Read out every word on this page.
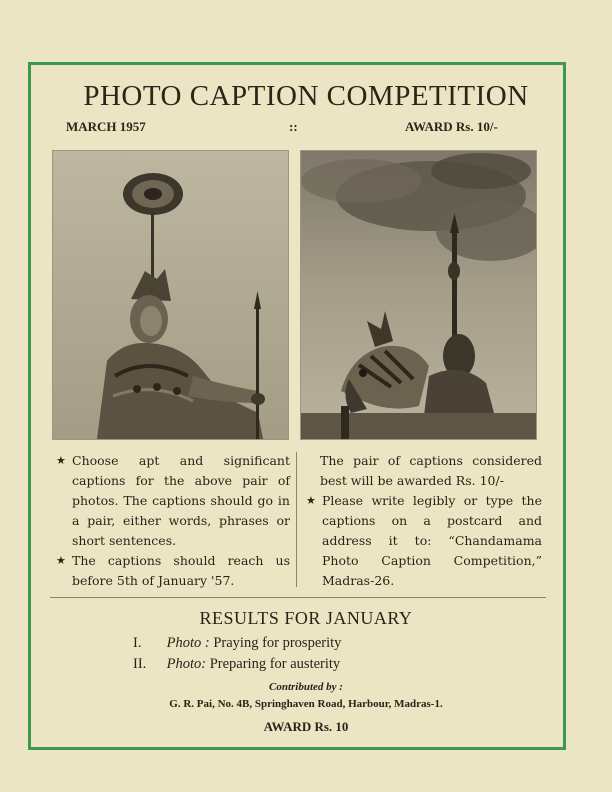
PHOTO CAPTION COMPETITION
MARCH 1957	::	AWARD Rs. 10/-
★ Choose apt and significant captions for the above pair of photos. The captions should go in a pair, either words, phrases or short sentences.
★ The captions should reach us before 5th of January '57.
The pair of captions considered best will be awarded Rs. 10/-
★ Please write legibly or type the captions on a postcard and address it to: “Chandamama Photo Caption Competition,” Madras-26.
RESULTS FOR JANUARY
I. Photo : Praying for prosperity
II. Photo: Preparing for austerity
Contributed by :
G. R. Pai, No. 4B, Springhaven Road, Harbour, Madras-1.
AWARD Rs. 10
